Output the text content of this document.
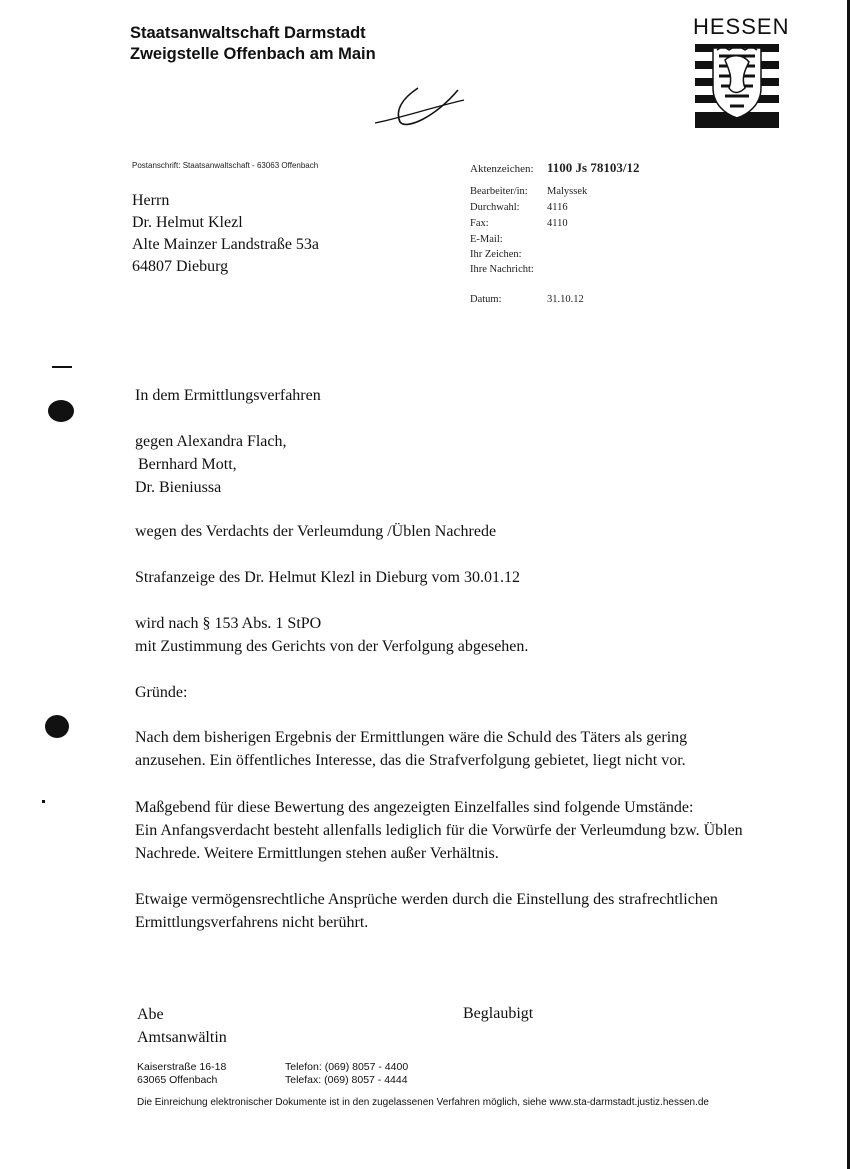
Staatsanwaltschaft Darmstadt
Zweigstelle Offenbach am Main
HESSEN
Postanschrift: Staatsanwaltschaft - 63063 Offenbach
Herrn
Dr. Helmut Klezl
Alte Mainzer Landstraße 53a
64807 Dieburg
Aktenzeichen: 1100 Js 78103/12
Bearbeiter/in: Malyssek
Durchwahl:	4116
Fax:	4110
E-Mail:
Ihr Zeichen:
Ihre Nachricht:
Datum:	31.10.12
In dem Ermittlungsverfahren
gegen Alexandra Flach,
Bernhard Mott,
Dr. Bieniussa
wegen des Verdachts der Verleumdung /Üblen Nachrede
Strafanzeige des Dr. Helmut Klezl in Dieburg vom 30.01.12
wird nach § 153 Abs. 1 StPO
mit Zustimmung des Gerichts von der Verfolgung abgesehen.
Gründe:
Nach dem bisherigen Ergebnis der Ermittlungen wäre die Schuld des Täters als gering
anzusehen. Ein öffentliches Interesse, das die Strafverfolgung gebietet, liegt nicht vor.
Maßgebend für diese Bewertung des angezeigten Einzelfalles sind folgende Umstände:
Ein Anfangsverdacht besteht allenfalls lediglich für die Vorwürfe der Verleumdung bzw. Üblen
Nachrede. Weitere Ermittlungen stehen außer Verhältnis.
Etwaige vermögensrechtliche Ansprüche werden durch die Einstellung des strafrechtlichen
Ermittlungsverfahrens nicht berührt.
Abe
Amtsanwältin
Beglaubigt
Kaiserstraße 16-18
63065 Offenbach
Telefon: (069) 8057 - 4400
Telefax: (069) 8057 - 4444
Die Einreichung elektronischer Dokumente ist in den zugelassenen Verfahren möglich, siehe www.sta-darmstadt.justiz.hessen.de
